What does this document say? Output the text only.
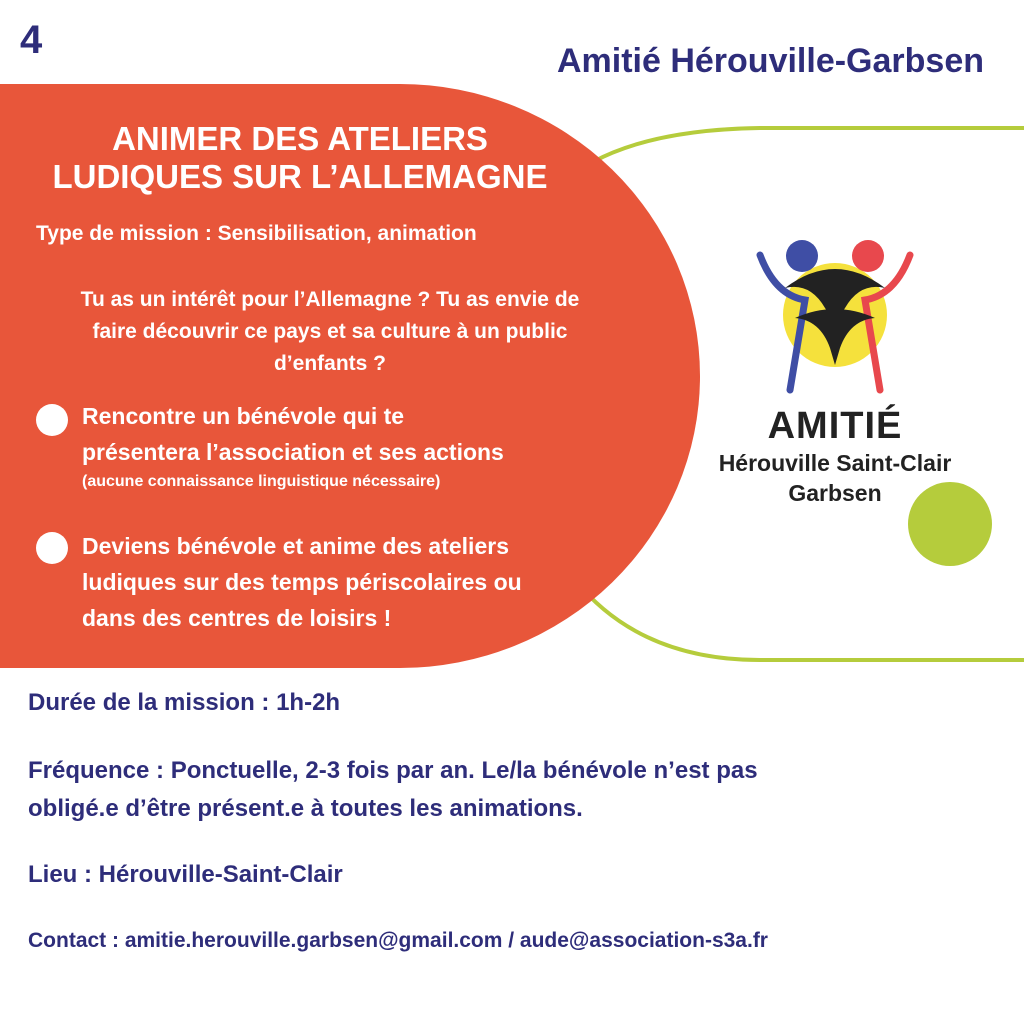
4	Amitié Hérouville-Garbsen
ANIMER DES ATELIERS
LUDIQUES SUR L’ALLEMAGNE
Type de mission : Sensibilisation, animation
Tu as un intérêt pour l’Allemagne ? Tu as envie de
faire découvrir ce pays et sa culture à un public
d’enfants ?
Rencontre un bénévole qui te
présentera l’association et ses actions
(aucune connaissance linguistique nécessaire)
Deviens bénévole et anime des ateliers
ludiques sur des temps périscolaires ou
dans des centres de loisirs !
AMITIÉ
Hérouville Saint-Clair
Garbsen
Durée de la mission : 1h-2h
Fréquence : Ponctuelle, 2-3 fois par an. Le/la bénévole n’est pas
obligé.e d’être présent.e à toutes les animations.
Lieu : Hérouville-Saint-Clair
Contact : amitie.herouville.garbsen@gmail.com / aude@association-s3a.fr
